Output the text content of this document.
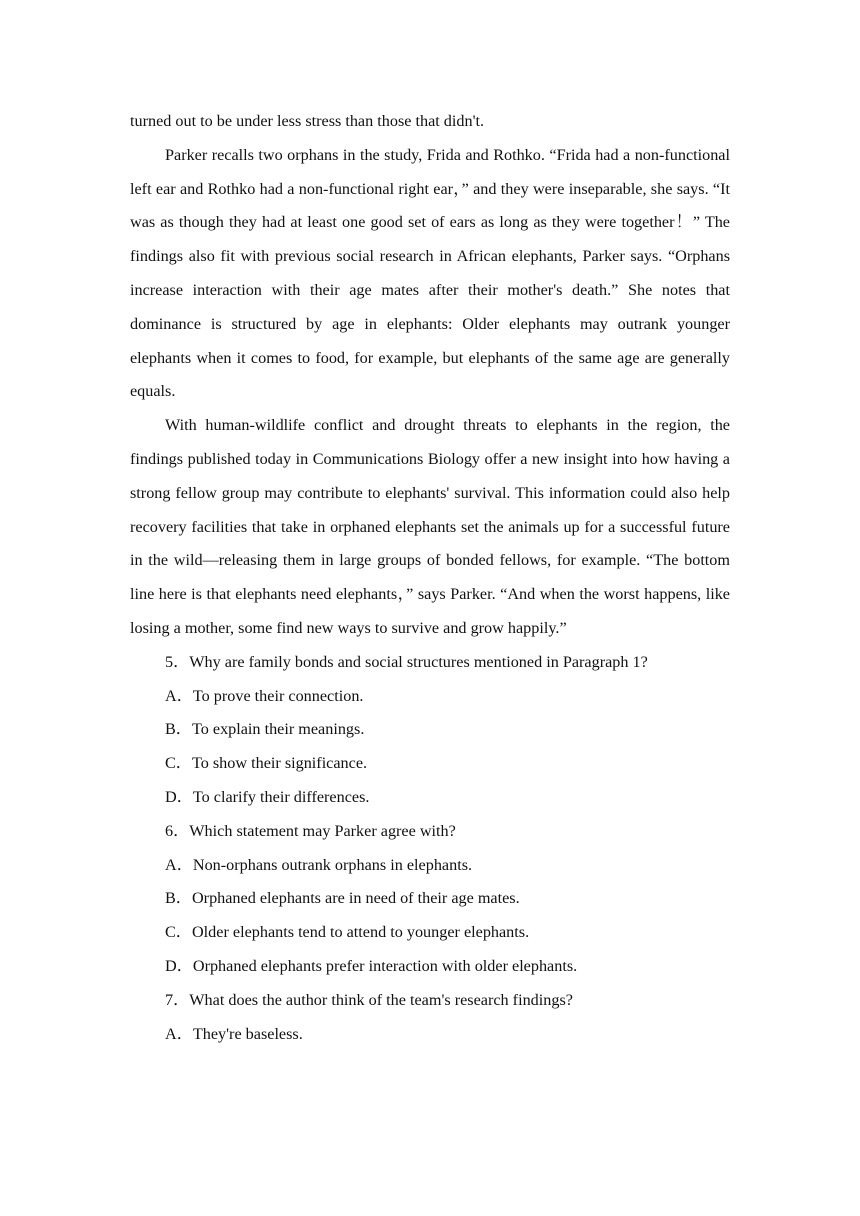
turned out to be under less stress than those that didn't.

Parker recalls two orphans in the study, Frida and Rothko. “Frida had a non-functional left ear and Rothko had a non-functional right ear，” and they were inseparable, she says. “It was as though they had at least one good set of ears as long as they were together！” The findings also fit with previous social research in African elephants, Parker says. “Orphans increase interaction with their age mates after their mother's death.” She notes that dominance is structured by age in elephants: Older elephants may outrank younger elephants when it comes to food, for example, but elephants of the same age are generally equals.

With human-wildlife conflict and drought threats to elephants in the region, the findings published today in Communications Biology offer a new insight into how having a strong fellow group may contribute to elephants' survival. This information could also help recovery facilities that take in orphaned elephants set the animals up for a successful future in the wild—releasing them in large groups of bonded fellows, for example. “The bottom line here is that elephants need elephants，” says Parker. “And when the worst happens, like losing a mother, some find new ways to survive and grow happily.”

5．Why are family bonds and social structures mentioned in Paragraph 1?

A．To prove their connection.

B．To explain their meanings.

C．To show their significance.

D．To clarify their differences.

6．Which statement may Parker agree with?

A．Non-orphans outrank orphans in elephants.

B．Orphaned elephants are in need of their age mates.

C．Older elephants tend to attend to younger elephants.

D．Orphaned elephants prefer interaction with older elephants.

7．What does the author think of the team's research findings?

A．They're baseless.
